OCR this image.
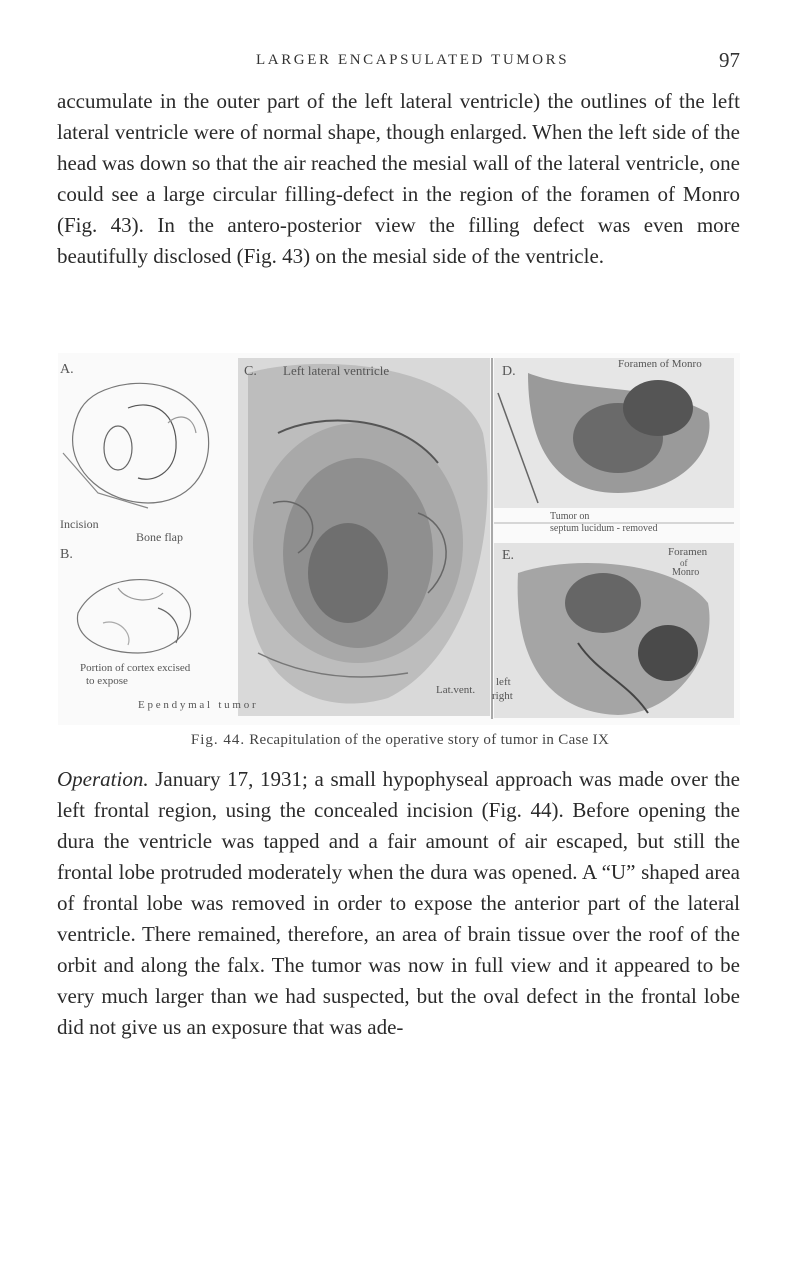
LARGER ENCAPSULATED TUMORS	97

accumulate in the outer part of the left lateral ventricle) the outlines of the left lateral ventricle were of normal shape, though enlarged. When the left side of the head was down so that the air reached the mesial wall of the lateral ventricle, one could see a large circular filling-defect in the region of the foramen of Monro (Fig. 43). In the antero-posterior view the filling defect was even more beautifully disclosed (Fig. 43) on the mesial side of the ventricle.

A.
B.
C.	D.
E.
Incision
Bone flap
Portion of cortex excised
to expose
E p e n d y m a l   t u m o r
Left lateral ventricle	Foramen of Monro
Tumor on
septum lucidum - removed
Foramen
of
Monro
Lat.vent.
left
right
Fig. 44. Recapitulation of the operative story of tumor in Case IX

Operation. January 17, 1931; a small hypophyseal approach was made over the left frontal region, using the concealed incision (Fig. 44). Before opening the dura the ventricle was tapped and a fair amount of air escaped, but still the frontal lobe protruded moderately when the dura was opened. A “U” shaped area of frontal lobe was removed in order to expose the anterior part of the lateral ventricle. There remained, therefore, an area of brain tissue over the roof of the orbit and along the falx. The tumor was now in full view and it appeared to be very much larger than we had suspected, but the oval defect in the frontal lobe did not give us an exposure that was ade-
